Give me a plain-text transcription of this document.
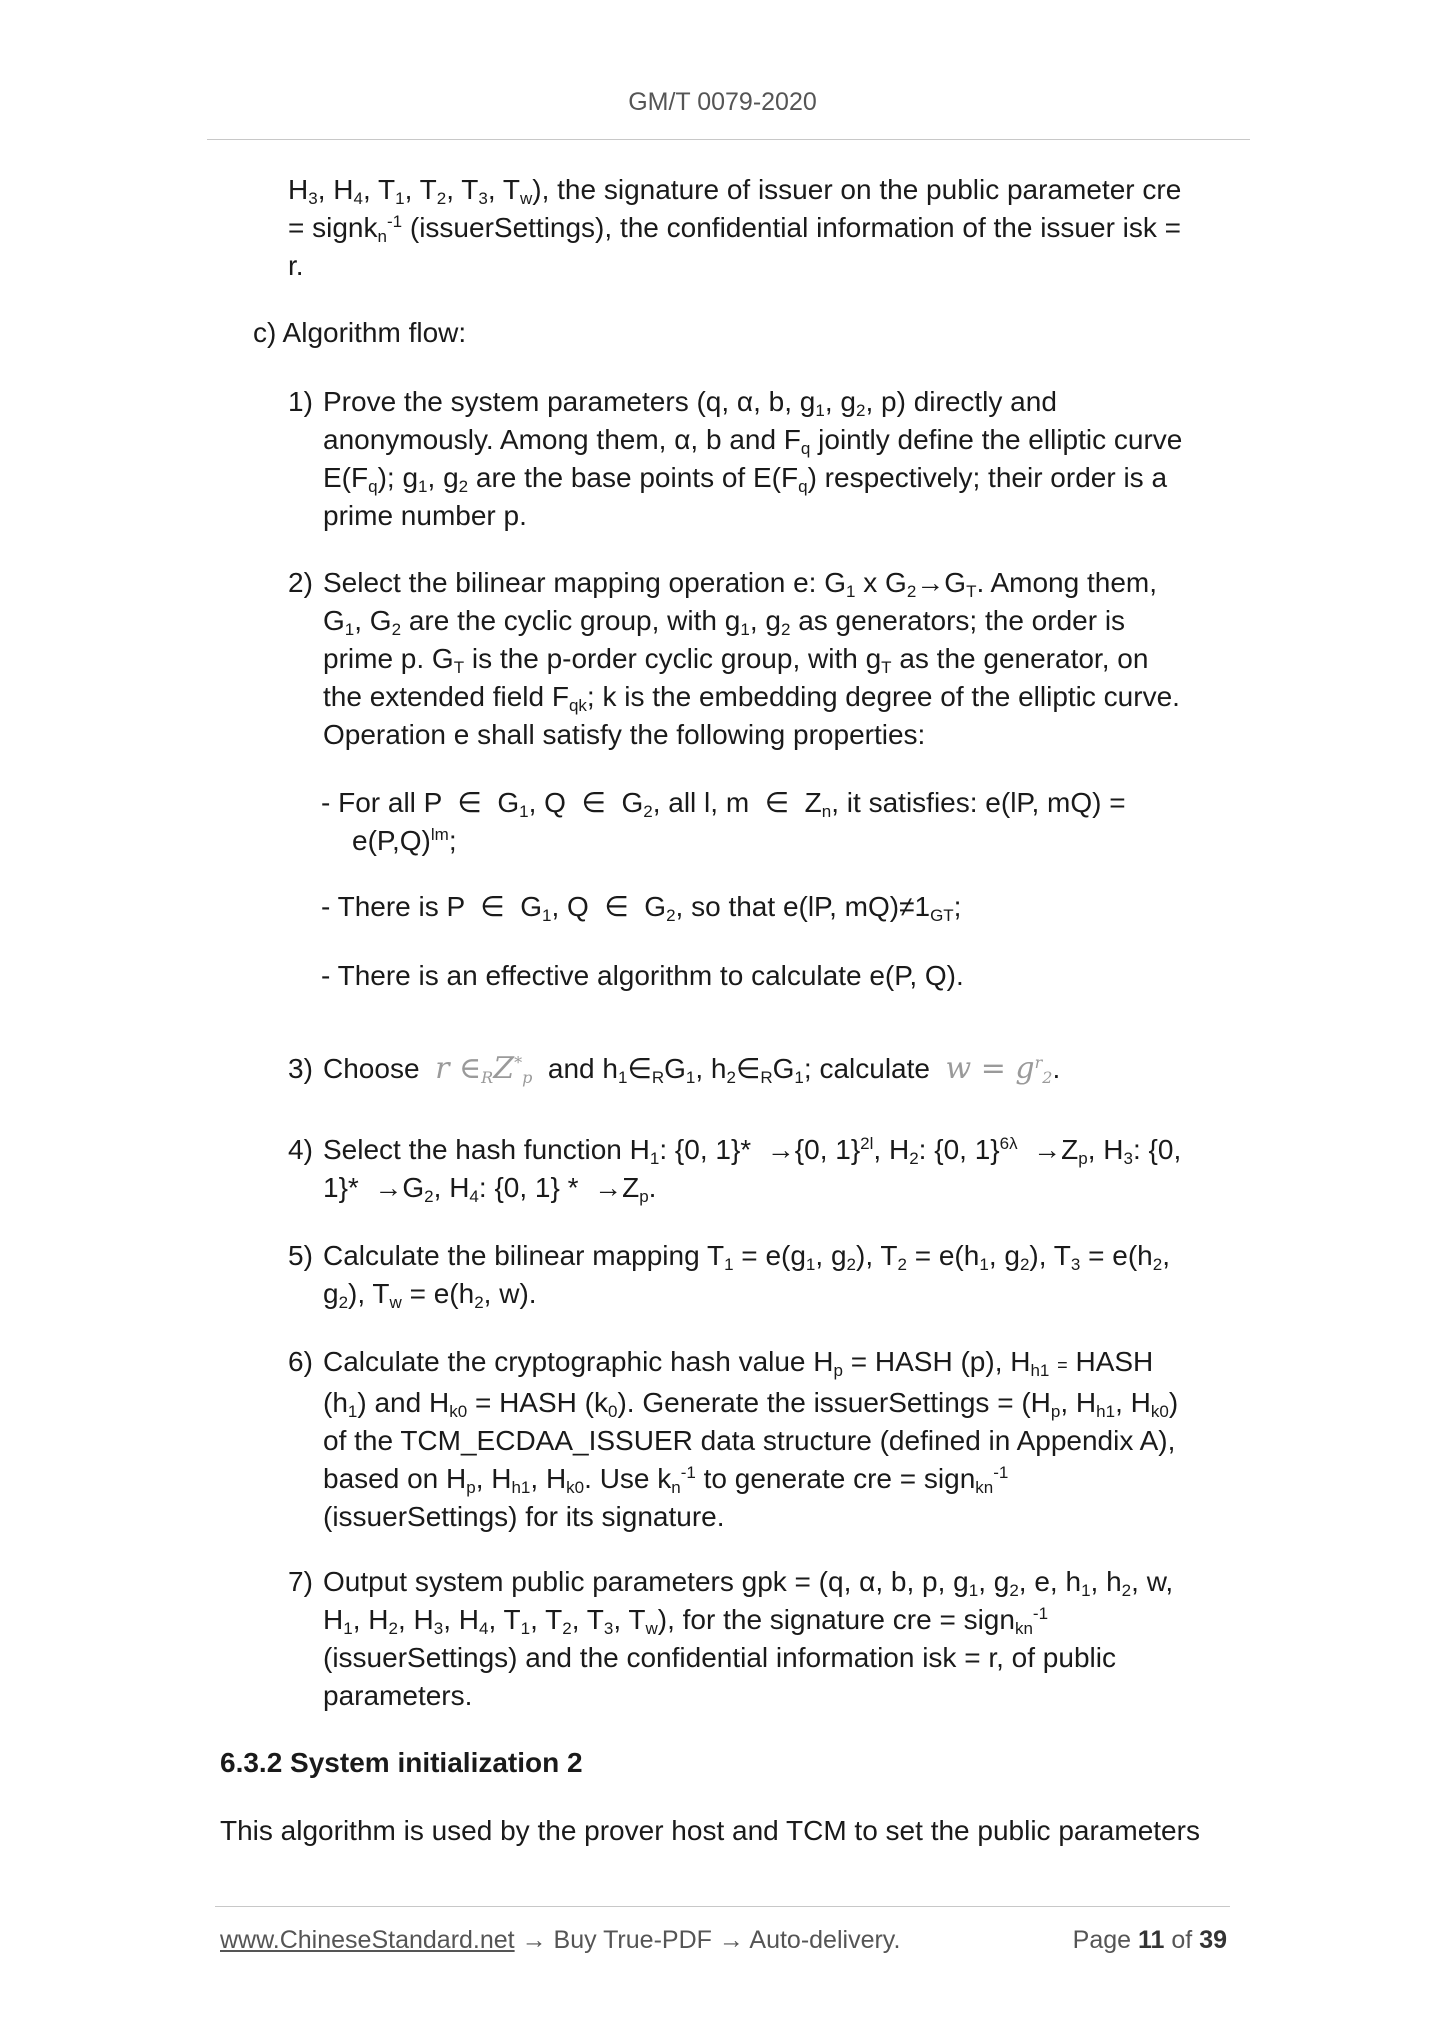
GM/T 0079-2020
$H_3$, $H_4$, $T_1$, $T_2$, $T_3$, $T_w$), the signature of issuer on the public parameter cre
= signk$_n^{-1}$ (issuerSettings), the confidential information of the issuer isk =
r.
c) Algorithm flow:
1) Prove the system parameters (q, α, b, $g_1$, $g_2$, p) directly and
anonymously. Among them, α, b and $F_q$ jointly define the elliptic curve
$E(F_q)$; $g_1$, $g_2$ are the base points of $E(F_q)$ respectively; their order is a
prime number p.
2) Select the bilinear mapping operation e: $G_1$ x $G_2\to G_T$. Among them,
$G_1$, $G_2$ are the cyclic group, with $g_1$, $g_2$ as generators; the order is
prime p. $G_T$ is the p-order cyclic group, with $g_T$ as the generator, on
the extended field $F_{qk}$; k is the embedding degree of the elliptic curve.
Operation e shall satisfy the following properties:
- For all P  ∈  $G_1$, Q  ∈  $G_2$, all l, m  ∈  $Z_n$, it satisfies: e(lP, mQ) =
$e(P,Q)^{lm}$;
- There is P  ∈  $G_1$, Q  ∈  $G_2$, so that e(lP, $mQ)\ne 1_{GT}$;
- There is an effective algorithm to calculate e(P, Q).
3) Choose  r $\in_RZ^*_p$  and $h_1\in_RG_1$, $h_2\in_RG_1$; calculate  $w = g^r_2$.
4) Select the hash function $H_1$: {0, 1}*  →{0, 1}$^{2l}$, $H_2$: {0, $1\}^{6\lambda} \to Z_p$, $H_3$: {0,
$1\}* \to G_2$, $H_4$: {0, $1\} * \to Z_p$.
5) Calculate the bilinear mapping $T_1 = e(g_1$, $g_2$), $T_2 = e(h_1$, $g_2$), $T_3 = e(h_2$,
$g_2$), $T_w = e(h_2$, w).
6) Calculate the cryptographic hash value $H_p$ = HASH (p), $H_{h1}$ = HASH
$(h_1)$ and $H_{k0}$ = HASH $(k_0)$. Generate the issuerSettings = ($H_p$, $H_{h1}$, $H_{k0}$)
of the TCM_ECDAA_ISSUER data structure (defined in Appendix A),
based on $H_p$, $H_{h1}$, $H_{k0}$. Use $k_n^{-1}$ to generate cre = sign$_{kn}^{-1}$
(issuerSettings) for its signature.
7) Output system public parameters gpk = (q, α, b, p, $g_1$, $g_2$, e, $h_1$, $h_2$, w,
$H_1$, $H_2$, $H_3$, $H_4$, $T_1$, $T_2$, $T_3$, $T_w$), for the signature cre = sign$_{kn}^{-1}$
(issuerSettings) and the confidential information isk = r, of public
parameters.
6.3.2 System initialization 2
This algorithm is used by the prover host and TCM to set the public parameters
www.ChineseStandard.net → Buy True-PDF → Auto-delivery.	Page 11 of 39
